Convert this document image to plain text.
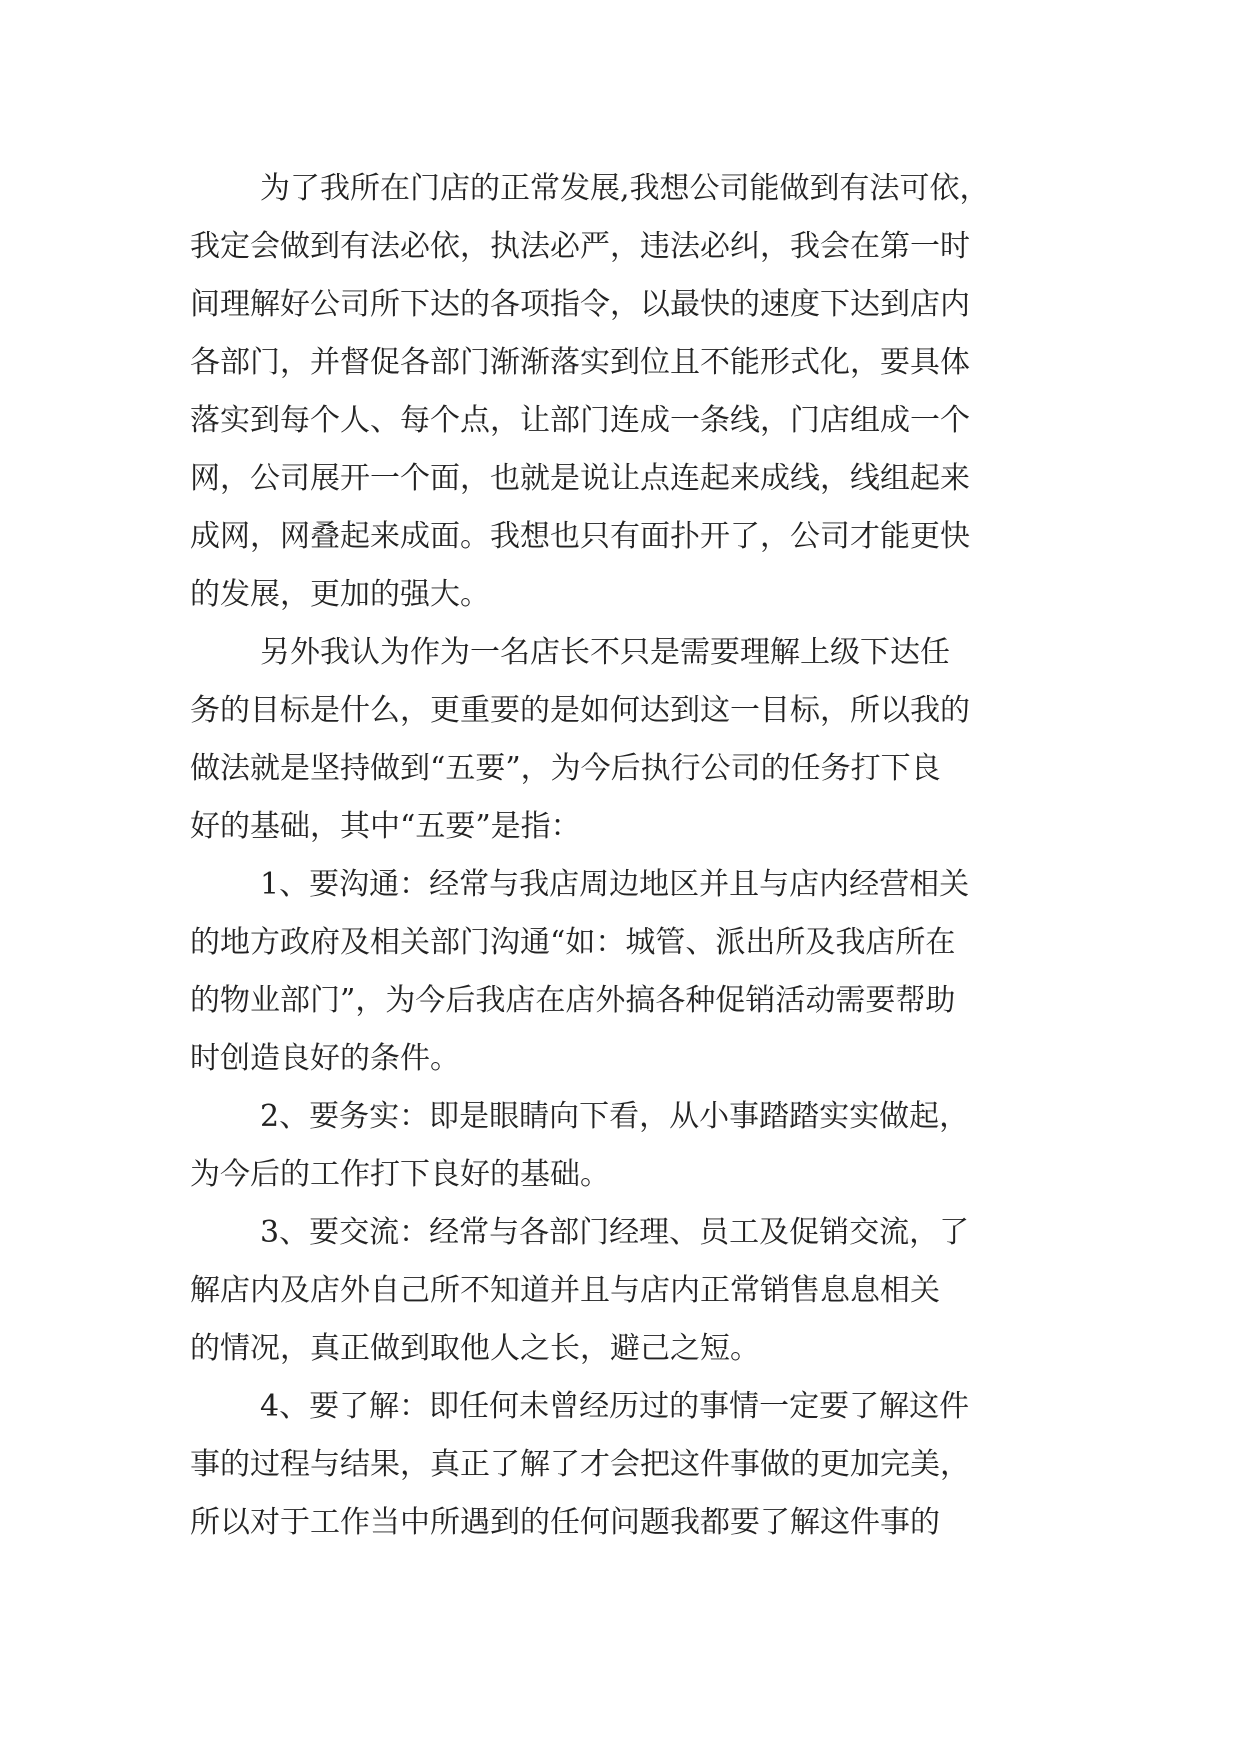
为了我所在门店的正常发展,我想公司能做到有法可依，
我定会做到有法必依，执法必严，违法必纠，我会在第一时
间理解好公司所下达的各项指令，以最快的速度下达到店内
各部门，并督促各部门渐渐落实到位且不能形式化，要具体
落实到每个人、每个点，让部门连成一条线，门店组成一个
网，公司展开一个面，也就是说让点连起来成线，线组起来
成网，网叠起来成面。我想也只有面扑开了，公司才能更快
的发展，更加的强大。
另外我认为作为一名店长不只是需要理解上级下达任
务的目标是什么，更重要的是如何达到这一目标，所以我的
做法就是坚持做到“五要”，为今后执行公司的任务打下良
好的基础，其中“五要”是指：
1、要沟通：经常与我店周边地区并且与店内经营相关
的地方政府及相关部门沟通“如：城管、派出所及我店所在
的物业部门”，为今后我店在店外搞各种促销活动需要帮助
时创造良好的条件。
2、要务实：即是眼睛向下看，从小事踏踏实实做起，
为今后的工作打下良好的基础。
3、要交流：经常与各部门经理、员工及促销交流，了
解店内及店外自己所不知道并且与店内正常销售息息相关
的情况，真正做到取他人之长，避己之短。
4、要了解：即任何未曾经历过的事情一定要了解这件
事的过程与结果，真正了解了才会把这件事做的更加完美，
所以对于工作当中所遇到的任何问题我都要了解这件事的
